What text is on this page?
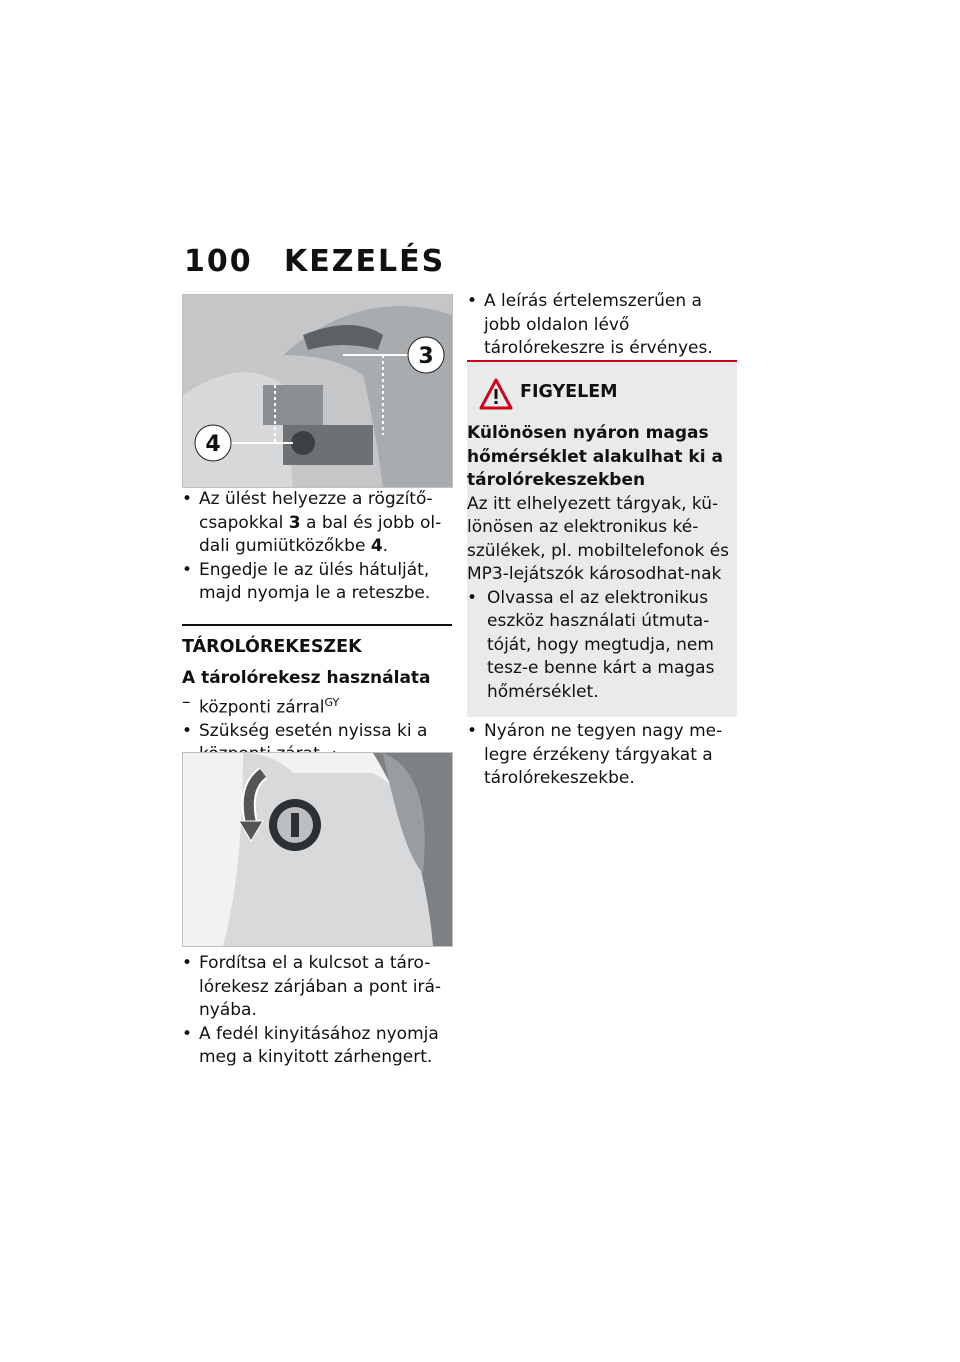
100 KEZELÉS
3
4
• Az ülést helyezze a rögzítő-csapokkal 3 a bal és jobb ol-dali gumiütközőkbe 4.
• Engedje le az ülés hátulját, majd nyomja le a reteszbe.
TÁROLÓREKESZEK
A tárolórekesz használata
– központi zárral$^{GY}$
• Szükség esetén nyissa ki a
• Fordítsa el a kulcsot a táro-lórekesz zárjában a pont irá-nyába.
• A fedél kinyitásához nyomja meg a kinyitott zárhengert.
• A leírás értelemszerűen a jobb oldalon lévő tárolórekeszre is érvényes.
FIGYELEM
Különösen nyáron magas hőmérséklet alakulhat ki a tárolórekeszekben
Az itt elhelyezett tárgyak, kü-lönösen az elektronikus ké-szülékek, pl. mobiltelefonok és MP3-lejátszók károsodhat-nak
• Olvassa el az elektronikus eszköz használati útmuta-tóját, hogy megtudja, nem tesz-e benne kárt a magas hőmérséklet.
• Nyáron ne tegyen nagy me-legre érzékeny tárgyakat a tárolórekeszekbe.
